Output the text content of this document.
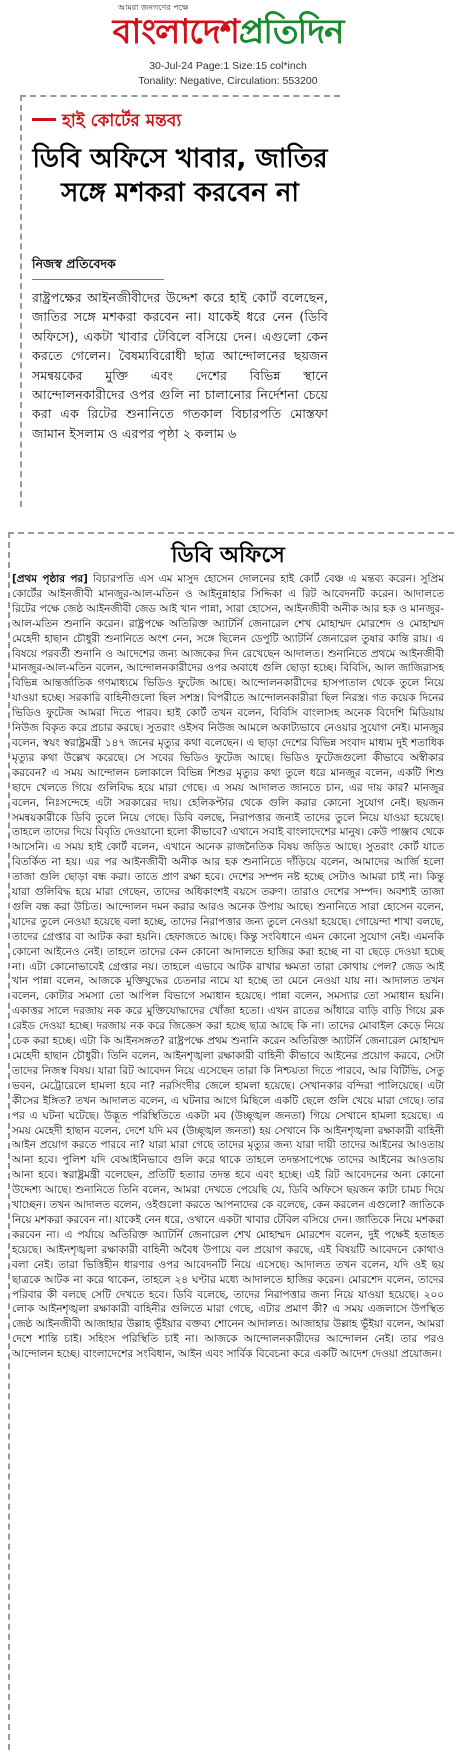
আমরা জনগণের পক্ষে
বাংলাদেশপ্রতিদিন
30-Jul-24 Page:1 Size:15 col*inch
Tonality: Negative, Circulation: 553200
হাই কোর্টের মন্তব্য
ডিবি অফিসে খাবার, জাতির সঙ্গে মশকরা করবেন না
নিজস্ব প্রতিবেদক
রাষ্ট্রপক্ষের আইনজীবীদের উদ্দেশ করে হাই কোর্ট বলেছেন, জাতির সঙ্গে মশকরা করবেন না। যাকেই ধরে নেন (ডিবি অফিসে), একটা খাবার টেবিলে বসিয়ে দেন। এগুলো কেন করতে গেলেন। বৈষম্যবিরোধী ছাত্র আন্দোলনের ছয়জন সমন্বয়কের মুক্তি এবং দেশের বিভিন্ন স্থানে আন্দোলনকারীদের ওপর গুলি না চালানোর নির্দেশনা চেয়ে করা এক রিটের শুনানিতে গতকাল বিচারপতি মোস্তফা জামান ইসলাম ও এরপর পৃষ্ঠা ২ কলাম ৬
ডিবি অফিসে
[প্রথম পৃষ্ঠার পর] বিচারপতি এস এম মাসুদ হোসেন দোলনের হাই কোর্ট বেঞ্চ এ মন্তব্য করেন। সুপ্রিম কোর্টের আইনজীবী মানজুর-আল-মতিন ও আইনুন্নাহার সিদ্দিকা এ রিট আবেদনটি করেন। আদালতে রিটের পক্ষে জেষ্ঠ আইনজীবী জেড আই খান পান্না, সারা হোসেন, আইনজীবী অনীক আর হক ও মানজুর-আল-মতিন শুনানি করেন। রাষ্ট্রপক্ষে অতিরিক্ত অ্যাটর্নি জেনারেল শেখ মোহাম্মদ মোরশেদ ও মোহাম্মদ মেহেদী হাছান চৌধুরী শুনানিতে অংশ নেন, সঙ্গে ছিলেন ডেপুটি অ্যাটর্নি জেনারেল তুষার কান্তি রায়। এ বিষয়ে পরবর্তী শুনানি ও আদেশের জন্য আজকের দিন রেখেছেন আদালত। শুনানিতে প্রথমে আইনজীবী মানজুর-আল-মতিন বলেন, আন্দোলনকারীদের ওপর অবাধে গুলি ছোড়া হচ্ছে। বিবিসি, আল জাজিরাসহ বিভিন্ন আন্তর্জাতিক গণমাধ্যমে ভিডিও ফুটেজ আছে। আন্দোলনকারীদের হাসপাতাল থেকে তুলে নিয়ে যাওয়া হচ্ছে। সরকারি বাহিনীগুলো ছিল সশস্ত্র। বিপরীতে আন্দোলনকারীরা ছিল নিরস্ত্র। গত কয়েক দিনের ভিডিও ফুটেজ আমরা দিতে পারব। হাই কোর্ট তখন বলেন, বিবিসি বাংলাসহ অনেক বিদেশি মিডিয়ায় নিউজ বিকৃত করে প্রচার করছে। সুতরাং ওইসব নিউজ আমলে অকাট্যভাবে নেওয়ার সুযোগ নেই। মানজুর বলেন, স্বয়ং স্বরাষ্ট্রমন্ত্রী ১৪৭ জনের মৃত্যুর কথা বলেছেন। এ ছাড়া দেশের বিভিন্ন সংবাদ মাধ্যম দুই শতাধিক মৃত্যুর কথা উল্লেখ করেছে। সে সবের ভিডিও ফুটেজ আছে। ভিডিও ফুটেজগুলো কীভাবে অস্বীকার করবেন? এ সময় আন্দোলন চলাকালে বিভিন্ন শিশুর মৃত্যুর কথা তুলে ধরে মানজুর বলেন, একটি শিশু ছাদে খেলতে গিয়ে গুলিবিদ্ধ হয়ে মারা গেছে। এ সময় আদালত জানতে চান, এর দায় কার? মানজুর বলেন, নিঃসন্দেহে এটা সরকারের দায়। হেলিকপ্টার থেকে গুলি করার কোনো সুযোগ নেই। ছয়জন সমন্বয়কারীকে ডিবি তুলে নিয়ে গেছে। ডিবি বলছে, নিরাপত্তার জন্যই তাদের তুলে নিয়ে যাওয়া হয়েছে। তাহলে তাদের দিয়ে বিবৃতি দেওয়ানো হলো কীভাবে? এখানে সবাই বাংলাদেশের মানুষ। কেউ পাঞ্জাব থেকে আসেনি। এ সময় হাই কোর্ট বলেন, এখানে অনেক রাজনৈতিক বিষয় জড়িত আছে। সুতরাং কোর্ট যাতে বিতর্কিত না হয়। এর পর আইনজীবী অনীক আর হক শুনানিতে দাঁড়িয়ে বলেন, আমাদের আর্জি হলো তাজা গুলি ছোড়া বন্ধ করা। তাতে প্রাণ রক্ষা হবে। দেশের সম্পদ নষ্ট হচ্ছে সেটাও আমরা চাই না। কিন্তু যারা গুলিবিদ্ধ হয়ে মারা গেছেন, তাদের অধিকাংশই বয়সে তরুণ। তারাও দেশের সম্পদ। অবশ্যই তাজা গুলি বন্ধ করা উচিত। আন্দোলন দমন করার আরও অনেক উপায় আছে। শুনানিতে সারা হোসেন বলেন, যাদের তুলে নেওয়া হয়েছে বলা হচ্ছে, তাদের নিরাপত্তার জন্য তুলে নেওয়া হয়েছে। গোয়েন্দা শাখা বলছে, তাদের গ্রেপ্তার বা আটক করা হয়নি। হেফাজতে আছে। কিন্তু সংবিধানে এমন কোনো সুযোগ নেই। এমনকি কোনো আইনেও নেই। তাহলে তাদের কেন কোনো আদালতে হাজির করা হচ্ছে না বা ছেড়ে দেওয়া হচ্ছে না। এটা কোনোভাবেই গ্রেপ্তার নয়। তাহলে এভাবে আটক রাখার ক্ষমতা তারা কোথায় পেল? জেড আই খান পান্না বলেন, আজকে মুক্তিযুদ্ধের চেতনার নামে যা হচ্ছে তা মেনে নেওয়া যায় না। আদালত তখন বলেন, কোটার সমস্যা তো আপিল বিভাগে সমাধান হয়েছে। পান্না বলেন, সমস্যার তো সমাধান হয়নি। একাত্তর সালে দরজায় নক করে মুক্তিযোদ্ধাদের খোঁজা হতো। এখন রাতের আঁধারে বাড়ি বাড়ি গিয়ে ব্লক রেইড দেওয়া হচ্ছে। দরজায় নক করে জিজ্ঞেস করা হচ্ছে ছাত্র আছে কি না। তাদের মোবাইল কেড়ে নিয়ে চেক করা হচ্ছে। এটা কি আইনসঙ্গত? রাষ্ট্রপক্ষে প্রথম শুনানি করেন অতিরিক্ত অ্যাটর্নি জেনারেল মোহাম্মদ মেহেদী হাছান চৌধুরী। তিনি বলেন, আইনশৃঙ্খলা রক্ষাকারী বাহিনী কীভাবে আইনের প্রয়োগ করবে, সেটা তাদের নিজস্ব বিষয়। যারা রিট আবেদন নিয়ে এসেছেন তারা কি নিশ্চয়তা দিতে পারবে, আর বিটিভি, সেতু ভবন, মেট্রোরেলে হামলা হবে না? নরসিংদীর জেলে হামলা হয়েছে। সেখানকার বন্দিরা পালিয়েছে। এটা কীসের ইঙ্গিত? তখন আদালত বলেন, এ ঘটনার আগে মিছিলে একটি ছেলে গুলি খেয়ে মারা গেছে। তার পর এ ঘটনা ঘটেছে। উদ্ভূত পরিস্থিতিতে একটা মব (উচ্ছৃঙ্খল জনতা) গিয়ে সেখানে হামলা হয়েছে। এ সময় মেহেদী হাছান বলেন, দেশে যদি মব (উচ্ছৃঙ্খল জনতা) হয় সেখানে কি আইনশৃঙ্খলা রক্ষাকারী বাহিনী আইন প্রয়োগ করতে পারবে না? যারা মারা গেছে তাদের মৃত্যুর জন্য যারা দায়ী তাদের আইনের আওতায় আনা হবে। পুলিশ যদি বেআইনিভাবে গুলি করে থাকে তাহলে তদন্তসাপেক্ষে তাদের আইনের আওতায় আনা হবে। স্বরাষ্ট্রমন্ত্রী বলেছেন, প্রতিটি হত্যার তদন্ত হবে এবং হচ্ছে। এই রিট আবেদনের অন্য কোনো উদ্দেশ্য আছে। শুনানিতে তিনি বলেন, আমরা দেখতে পেয়েছি যে, ডিবি অফিসে ছয়জন কাটা চামচ দিয়ে খাচ্ছেন। তখন আদালত বলেন, ওইগুলো করতে আপনাদের কে বলেছে, কেন করলেন এগুলো? জাতিকে নিয়ে মশকরা করবেন না। যাকেই নেন ধরে, ওখানে একটা খাবার টেবিল বসিয়ে দেন। জাতিকে নিয়ে মশকরা করবেন না। এ পর্যায়ে অতিরিক্ত অ্যাটর্নি জেনারেল শেখ মোহাম্মদ মোরশেদ বলেন, দুই পক্ষেই হতাহত হয়েছে। আইনশৃঙ্খলা রক্ষাকারী বাহিনী অবৈধ উপায়ে বল প্রয়োগ করছে, এই বিষয়টি আবেদনে কোথাও বলা নেই। তারা ভিত্তিহীন ধারণার ওপর আবেদনটি নিয়ে এসেছে। আদালত তখন বলেন, যদি ওই ছয় ছাত্রকে আটক না করে থাকেন, তাহলে ২৪ ঘণ্টার মধ্যে আদালতে হাজির করেন। মোরশেদ বলেন, তাদের পরিবার কী বলছে সেটি দেখতে হবে। ডিবি বলেছে, তাদের নিরাপত্তার জন্য নিয়ে যাওয়া হয়েছে। ২০০ লোক আইনশৃঙ্খলা রক্ষাকারী বাহিনীর গুলিতে মারা গেছে, এটার প্রমাণ কী? এ সময় এজলাসে উপস্থিত জেষ্ঠ আইনজীবী আজাহার উল্লাহ ভূঁইয়ার বক্তব্য শোনেন আদালত। আজাহার উল্লাহ ভূঁইয়া বলেন, আমরা দেশে শান্তি চাই। সহিংস পরিস্থিতি চাই না। আজকে আন্দোলনকারীদের আন্দোলন নেই। তার পরও আন্দোলন হচ্ছে। বাংলাদেশের সংবিধান, আইন এবং সার্বিক বিবেচনা করে একটি আদেশ দেওয়া প্রয়োজন।
